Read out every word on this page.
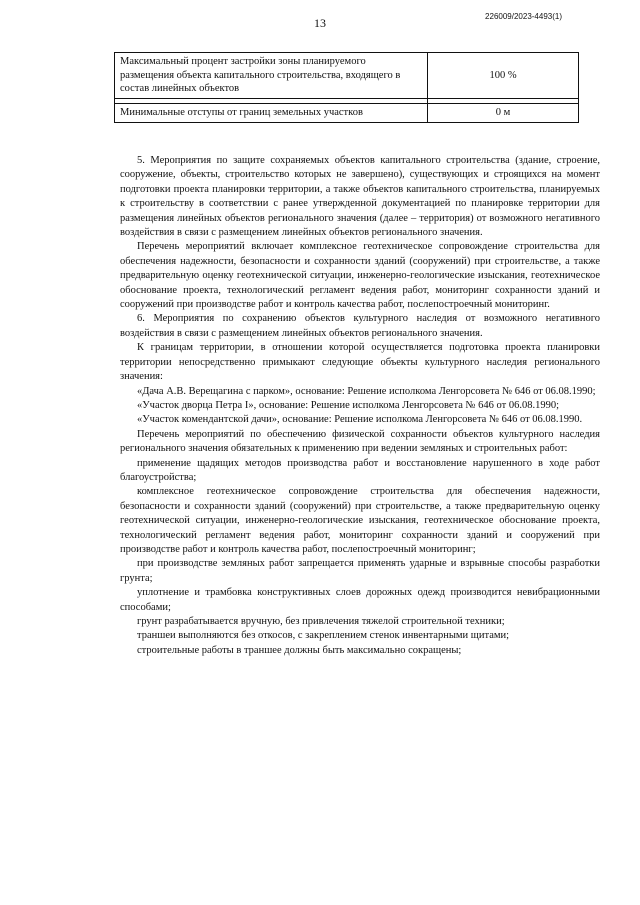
13	226009/2023-4493(1)
Максимальный процент застройки зоны планируемого размещения объекта капитального строительства, входящего в состав линейных объектов	100 %

Минимальные отступы от границ земельных участков	0 м

5. Мероприятия по защите сохраняемых объектов капитального строительства (здание, строение, сооружение, объекты, строительство которых не завершено), существующих и строящихся на момент подготовки проекта планировки территории, а также объектов капитального строительства, планируемых к строительству в соответствии с ранее утвержденной документацией по планировке территории для размещения линейных объектов регионального значения (далее – территория) от возможного негативного воздействия в связи с размещением линейных объектов регионального значения.

Перечень мероприятий включает комплексное геотехническое сопровождение строительства для обеспечения надежности, безопасности и сохранности зданий (сооружений) при строительстве, а также предварительную оценку геотехнической ситуации, инженерно-геологические изыскания, геотехническое обоснование проекта, технологический регламент ведения работ, мониторинг сохранности зданий и сооружений при производстве работ и контроль качества работ, послепостроечный мониторинг.

6. Мероприятия по сохранению объектов культурного наследия от возможного негативного воздействия в связи с размещением линейных объектов регионального значения.

К границам территории, в отношении которой осуществляется подготовка проекта планировки территории непосредственно примыкают следующие объекты культурного наследия регионального значения:

«Дача А.В. Верещагина с парком», основание: Решение исполкома Ленгорсовета № 646 от 06.08.1990;

«Участок дворца Петра I», основание: Решение исполкома Ленгорсовета № 646 от 06.08.1990;

«Участок комендантской дачи», основание: Решение исполкома Ленгорсовета № 646 от 06.08.1990.

Перечень мероприятий по обеспечению физической сохранности объектов культурного наследия регионального значения обязательных к применению при ведении земляных и строительных работ:

применение щадящих методов производства работ и восстановление нарушенного в ходе работ благоустройства;

комплексное геотехническое сопровождение строительства для обеспечения надежности, безопасности и сохранности зданий (сооружений) при строительстве, а также предварительную оценку геотехнической ситуации, инженерно-геологические изыскания, геотехническое обоснование проекта, технологический регламент ведения работ, мониторинг сохранности зданий и сооружений при производстве работ и контроль качества работ, послепостроечный мониторинг;

при производстве земляных работ запрещается применять ударные и взрывные способы разработки грунта;

уплотнение и трамбовка конструктивных слоев дорожных одежд производится невибрационными способами;

грунт разрабатывается вручную, без привлечения тяжелой строительной техники;

траншеи выполняются без откосов, с закреплением стенок инвентарными щитами;

строительные работы в траншее должны быть максимально сокращены;
